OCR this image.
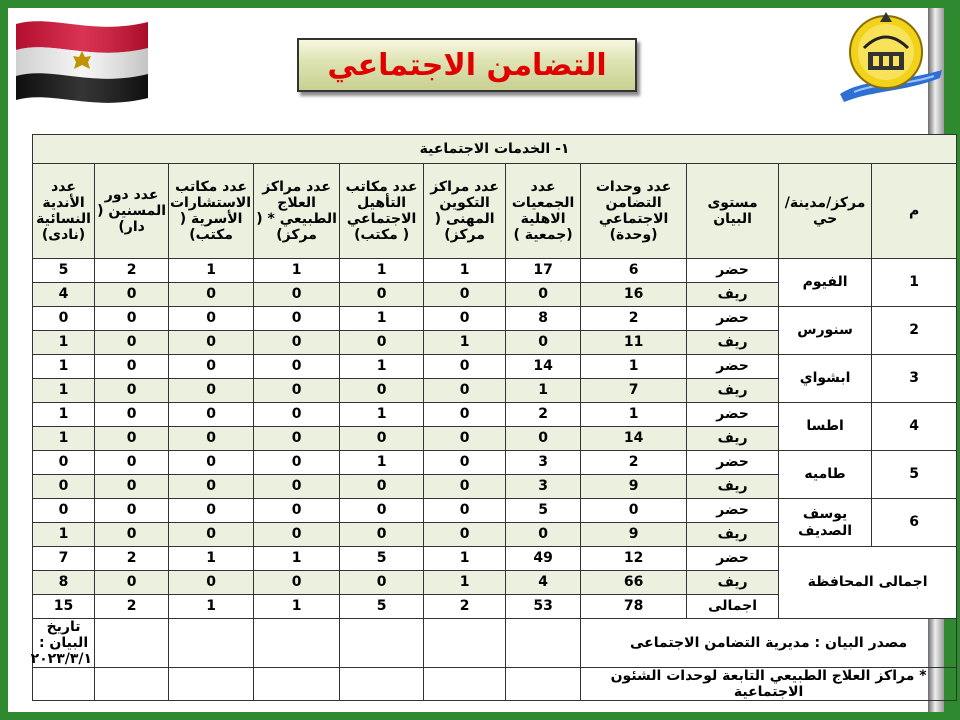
التضامن الاجتماعي
١- الخدمات الاجتماعية										
م	مركز/مدينة/ حي	مستوى البيان	عدد وحدات التضامن الاجتماعي (وحدة)	عدد الجمعيات الاهلية (جمعية )	عدد مراكز التكوين المهنى ( مركز)	عدد مكاتب التأهيل الاجتماعي ( مكتب)	عدد مراكز العلاج الطبيعي * ( مركز)	عدد مكاتب الاستشارات الأسرية ( مكتب)	عدد دور المسنين ( دار)	عدد الأندية النسائية (نادى)
1	الفيوم	حضر	6	17	1	1	1	1	2	5
		ريف	16	0	0	0	0	0	0	4
2	سنورس	حضر	2	8	0	1	0	0	0	0
		ريف	11	0	1	0	0	0	0	1
3	ابشواي	حضر	1	14	0	1	0	0	0	1
		ريف	7	1	0	0	0	0	0	1
4	اطسا	حضر	1	2	0	1	0	0	0	1
		ريف	14	0	0	0	0	0	0	1
5	طاميه	حضر	2	3	0	1	0	0	0	0
		ريف	9	3	0	0	0	0	0	0
6	يوسف الصديف	حضر	0	5	0	0	0	0	0	0
		ريف	9	0	0	0	0	0	0	1
اجمالى المحافظة		حضر	12	49	1	5	1	1	2	7
		ريف	66	4	1	0	0	0	0	8
		اجمالى	78	53	2	5	1	1	2	15
مصدر البيان : مديرية التضامن الاجتماعى										تاريخ البيان : ٢٠٢٣/٣/١
* مراكز العلاج الطبيعي التابعة لوحدات الشئون الاجتماعية										
